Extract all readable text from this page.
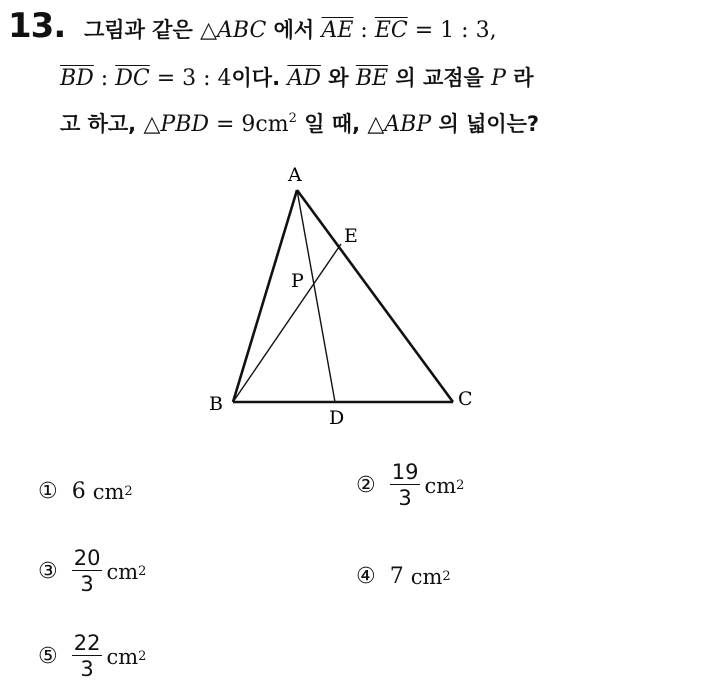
13. 그림과 같은 △ABC 에서 $\overline{AE}$ : $\overline{EC} = 1$ : 3,
$\overline{BD}$ : $\overline{DC} = 3$ : 4이다. $\overline{AD}$ 와 $\overline{BE}$ 의 교점을 P 라
고 하고, △PBD = $9cm^2$ 일 때, △ABP 의 넓이는?
A
E
P
B	C
D
① 6
cm 2	② $\frac{19}{3}$ cm 2
③ $\frac{20}{3}$ cm 2	④ 7
cm 2
⑤ $\frac{22}{3}$ cm 2
